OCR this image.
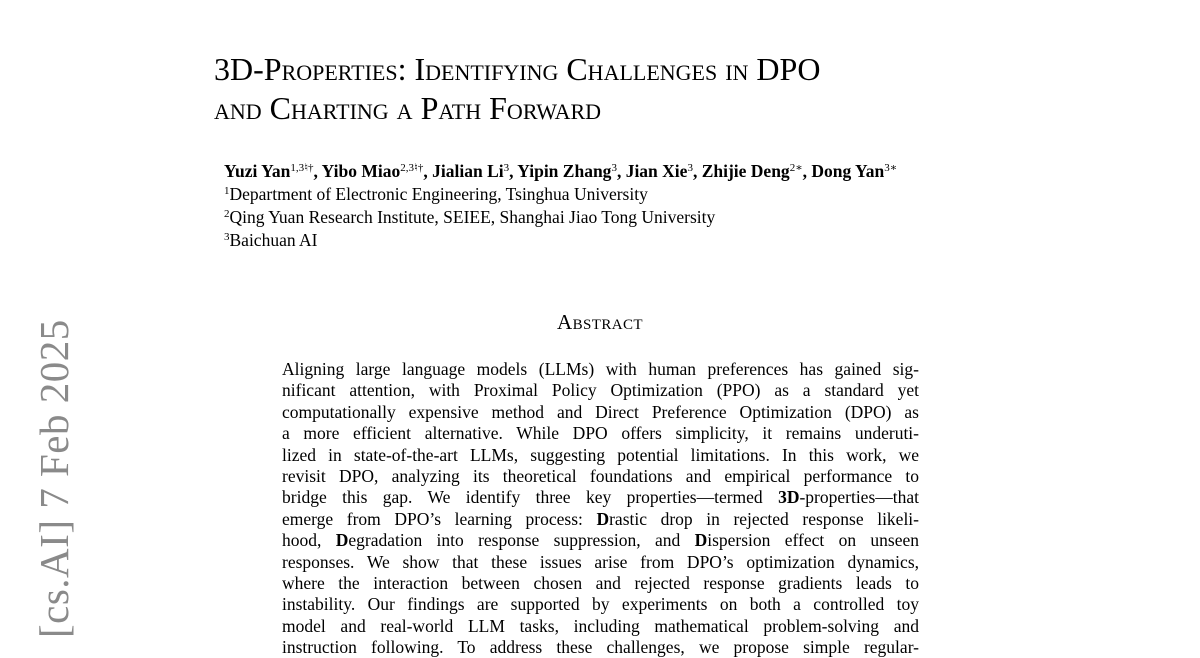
[cs.AI] 7 Feb 2025
3D-Properties: Identifying Challenges in DPO
and Charting a Path Forward
Yuzi Yan$^{1,3♮\dagger}$, Yibo Miao$^{2,3♮\dagger}$, Jialian Li$^3$, Yipin Zhang$^3$, Jian Xie$^3$, Zhijie Deng$^{2∗}$, Dong Yan$^{3∗}$
$^1$Department of Electronic Engineering, Tsinghua University
$^2$Qing Yuan Research Institute, SEIEE, Shanghai Jiao Tong University
$^3$Baichuan AI
Abstract
Aligning large language models (LLMs) with human preferences has gained sig-
nificant attention, with Proximal Policy Optimization (PPO) as a standard yet
computationally expensive method and Direct Preference Optimization (DPO) as
a more efficient alternative. While DPO offers simplicity, it remains underuti-
lized in state-of-the-art LLMs, suggesting potential limitations. In this work, we
revisit DPO, analyzing its theoretical foundations and empirical performance to
bridge this gap. We identify three key properties—termed 3D-properties—that
emerge from DPO’s learning process: Drastic drop in rejected response likeli-
hood, Degradation into response suppression, and Dispersion effect on unseen
responses. We show that these issues arise from DPO’s optimization dynamics,
where the interaction between chosen and rejected response gradients leads to
instability. Our findings are supported by experiments on both a controlled toy
model and real-world LLM tasks, including mathematical problem-solving and
instruction following. To address these challenges, we propose simple regular-
